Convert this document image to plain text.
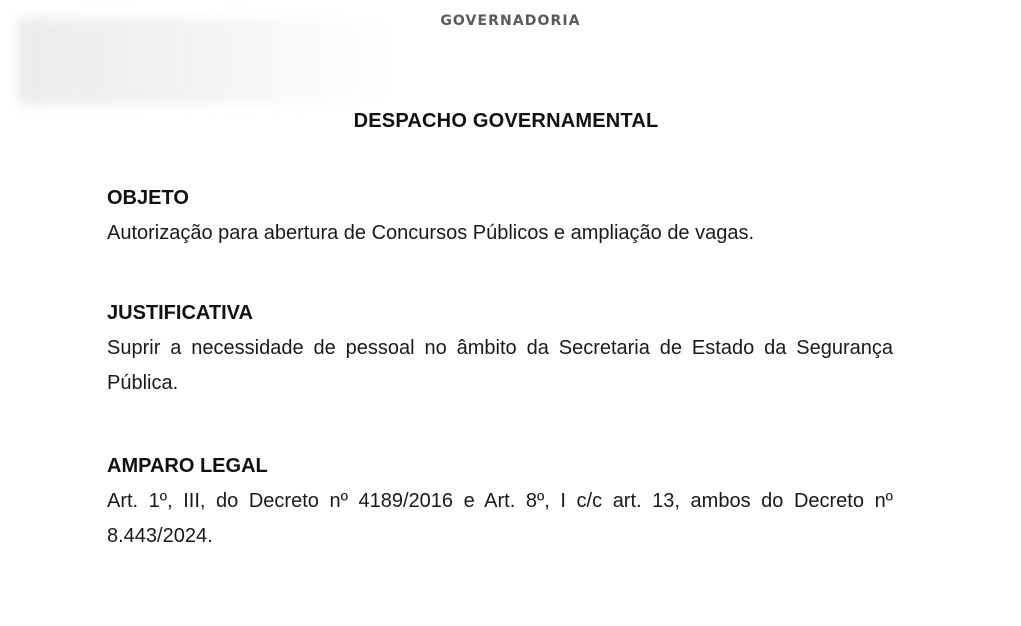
GOVERNADORIA
DESPACHO GOVERNAMENTAL

OBJETO

Autorização para abertura de Concursos Públicos e ampliação de vagas.

JUSTIFICATIVA

Suprir a necessidade de pessoal no âmbito da Secretaria de Estado da Segurança Pública.

AMPARO LEGAL

Art. 1º, III, do Decreto nº 4189/2016 e Art. 8º, I c/c art. 13, ambos do Decreto nº 8.443/2024.
